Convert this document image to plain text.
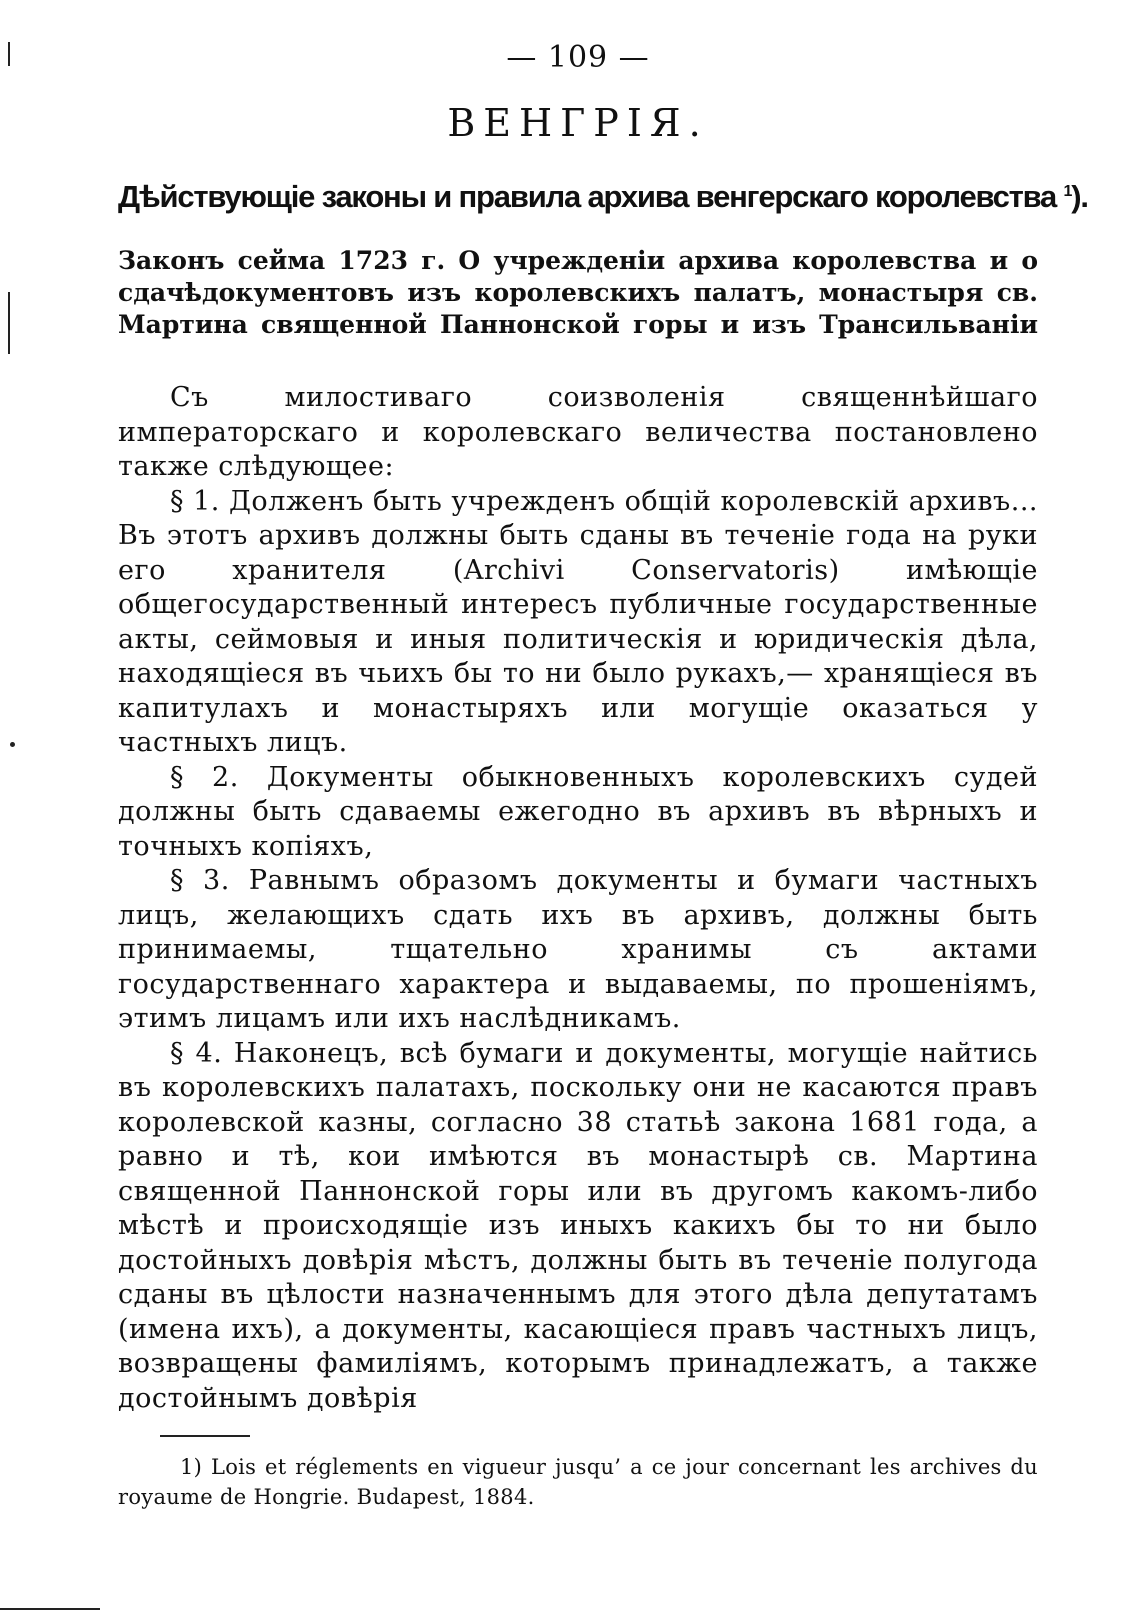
— 109 —
ВЕНГРІЯ.
Дѣйствующіе законы и правила архива венгерскаго королевства $^1$).
Законъ сейма 1723 г. О учрежденіи архива королевства и о сдачѣдокументовъ изъ королевскихъ палатъ, монастыря св. Мартина священной Паннонской горы и изъ Трансильваніи

Съ милостиваго соизволенія священнѣйшаго императорскаго и королевскаго величества постановлено также слѣдующее:

§ 1. Долженъ быть учрежденъ общій королевскій архивъ... Въ этотъ архивъ должны быть сданы въ теченіе года на руки его хранителя (Archivi Conservatoris) имѣющіе общегосударственный интересъ публичные государственные акты, сеймовыя и иныя политическія и юридическія дѣла, находящіеся въ чьихъ бы то ни было рукахъ,— хранящіеся въ капитулахъ и монастыряхъ или могущіе оказаться у частныхъ лицъ.

§ 2. Документы обыкновенныхъ королевскихъ судей должны быть сдаваемы ежегодно въ архивъ въ вѣрныхъ и точныхъ копіяхъ,

§ 3. Равнымъ образомъ документы и бумаги частныхъ лицъ, желающихъ сдать ихъ въ архивъ, должны быть принимаемы, тщательно хранимы съ актами государственнаго характера и выдаваемы, по прошеніямъ, этимъ лицамъ или ихъ наслѣдникамъ.

§ 4. Наконецъ, всѣ бумаги и документы, могущіе найтись въ королевскихъ палатахъ, поскольку они не касаются правъ королевской казны, согласно 38 статьѣ закона 1681 года, а равно и тѣ, кои имѣются въ монастырѣ св. Мартина священной Паннонской горы или въ другомъ какомъ-либо мѣстѣ и происходящіе изъ иныхъ какихъ бы то ни было достойныхъ довѣрія мѣстъ, должны быть въ теченіе полугода сданы въ цѣлости назначеннымъ для этого дѣла депутатамъ (имена ихъ), а документы, касающіеся правъ частныхъ лицъ, возвращены фамиліямъ, которымъ принадлежатъ, а также достойнымъ довѣрія

1) Lois et réglements en vigueur jusqu’ a ce jour concernant les archives du royaume de Hongrie. Budapest, 1884.
